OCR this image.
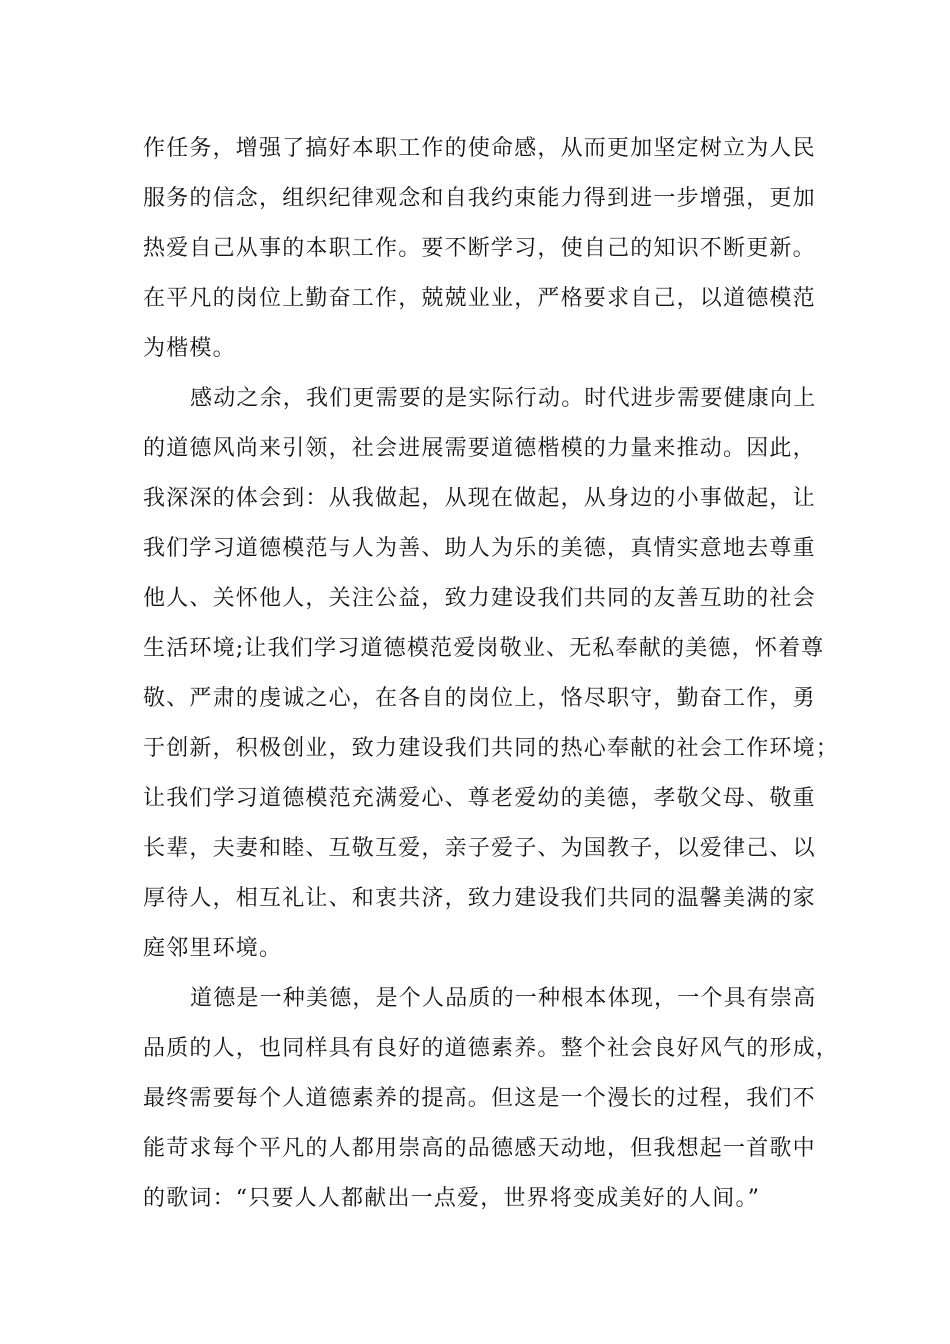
作任务，增强了搞好本职工作的使命感，从而更加坚定树立为人民
服务的信念，组织纪律观念和自我约束能力得到进一步增强，更加
热爱自己从事的本职工作。要不断学习，使自己的知识不断更新。
在平凡的岗位上勤奋工作，兢兢业业，严格要求自己，以道德模范
为楷模。
感动之余，我们更需要的是实际行动。时代进步需要健康向上
的道德风尚来引领，社会进展需要道德楷模的力量来推动。因此，
我深深的体会到：从我做起，从现在做起，从身边的小事做起，让
我们学习道德模范与人为善、助人为乐的美德，真情实意地去尊重
他人、关怀他人，关注公益，致力建设我们共同的友善互助的社会
生活环境;让我们学习道德模范爱岗敬业、无私奉献的美德，怀着尊
敬、严肃的虔诚之心，在各自的岗位上，恪尽职守，勤奋工作，勇
于创新，积极创业，致力建设我们共同的热心奉献的社会工作环境；
让我们学习道德模范充满爱心、尊老爱幼的美德，孝敬父母、敬重
长辈，夫妻和睦、互敬互爱，亲子爱子、为国教子，以爱律己、以
厚待人，相互礼让、和衷共济，致力建设我们共同的温馨美满的家
庭邻里环境。
道德是一种美德，是个人品质的一种根本体现，一个具有崇高
品质的人，也同样具有良好的道德素养。整个社会良好风气的形成，
最终需要每个人道德素养的提高。但这是一个漫长的过程，我们不
能苛求每个平凡的人都用崇高的品德感天动地，但我想起一首歌中
的歌词：“只要人人都献出一点爱，世界将变成美好的人间。”
